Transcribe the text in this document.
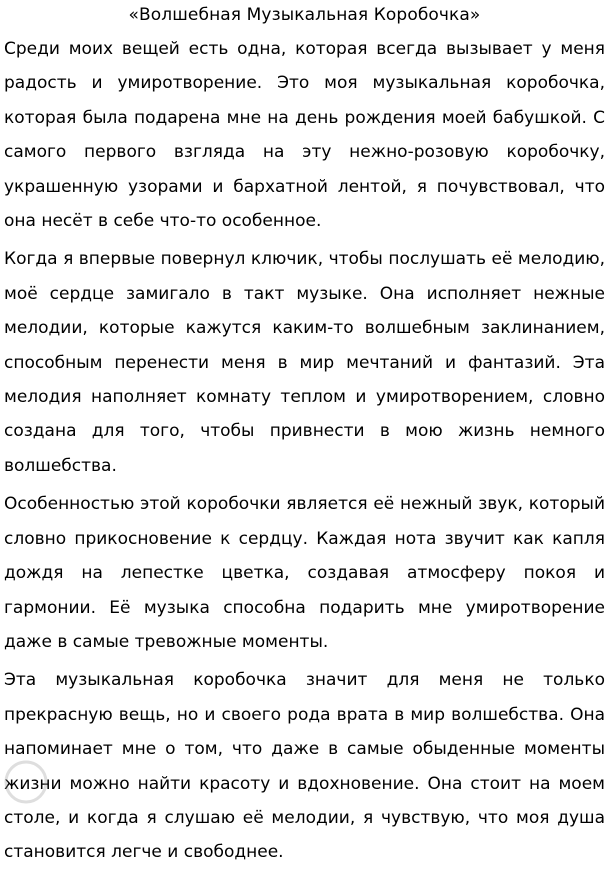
«Волшебная Музыкальная Коробочка»

Среди моих вещей есть одна, которая всегда вызывает у меня радость и умиротворение. Это моя музыкальная коробочка, которая была подарена мне на день рождения моей бабушкой. С самого первого взгляда на эту нежно-розовую коробочку, украшенную узорами и бархатной лентой, я почувствовал, что она несёт в себе что-то особенное.

Когда я впервые повернул ключик, чтобы послушать её мелодию, моё сердце замигало в такт музыке. Она исполняет нежные мелодии, которые кажутся каким-то волшебным заклинанием, способным перенести меня в мир мечтаний и фантазий. Эта мелодия наполняет комнату теплом и умиротворением, словно создана для того, чтобы привнести в мою жизнь немного волшебства.

Особенностью этой коробочки является её нежный звук, который словно прикосновение к сердцу. Каждая нота звучит как капля дождя на лепестке цветка, создавая атмосферу покоя и гармонии. Её музыка способна подарить мне умиротворение даже в самые тревожные моменты.

Эта музыкальная коробочка значит для меня не только прекрасную вещь, но и своего рода врата в мир волшебства. Она напоминает мне о том, что даже в самые обыденные моменты жизни можно найти красоту и вдохновение. Она стоит на моем столе, и когда я слушаю её мелодии, я чувствую, что моя душа становится легче и свободнее.
